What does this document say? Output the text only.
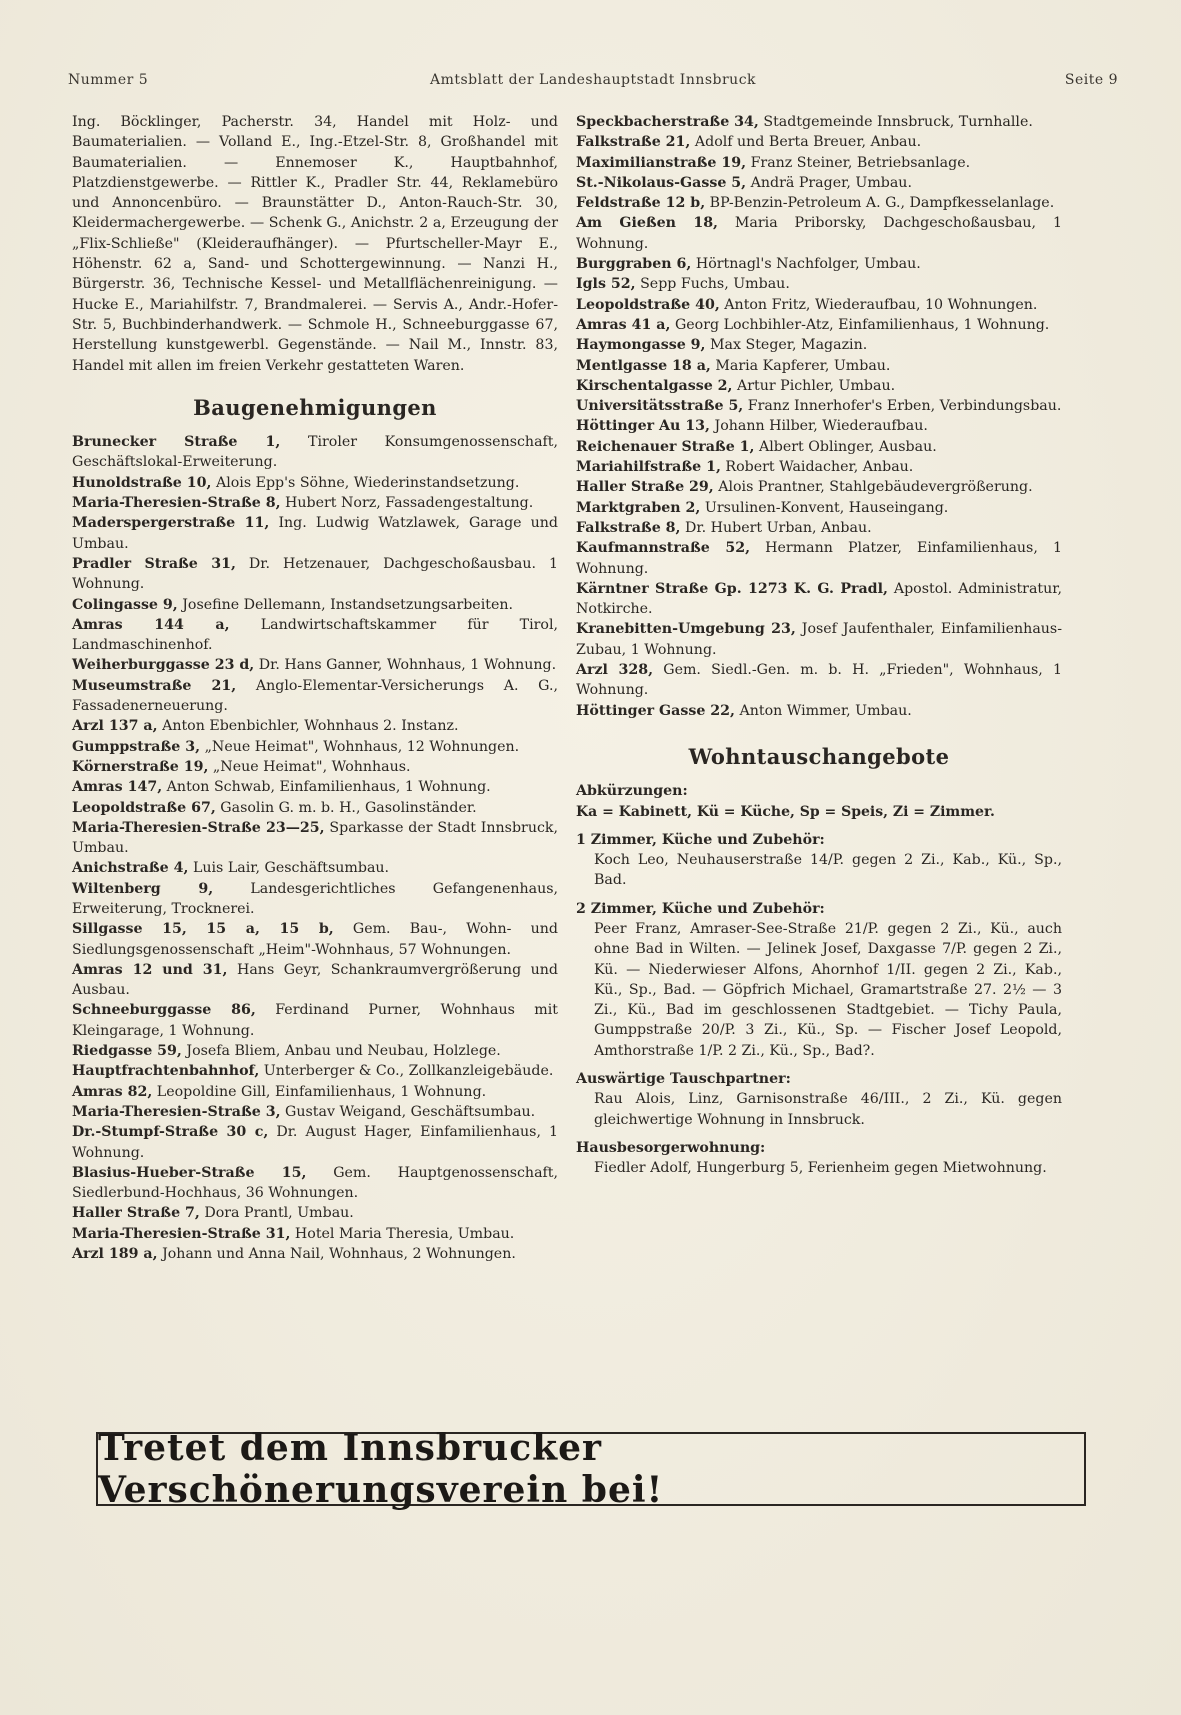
Nummer 5	Amtsblatt der Landeshauptstadt Innsbruck	Seite 9
Ing. Böcklinger, Pacherstr. 34, Handel mit Holz- und Baumaterialien. — Volland E., Ing.-Etzel-Str. 8, Großhandel mit Baumaterialien. — Ennemoser K., Hauptbahnhof, Platzdienstgewerbe. — Rittler K., Pradler Str. 44, Reklamebüro und Annoncenbüro. — Braunstätter D., Anton-Rauch-Str. 30, Kleidermachergewerbe. — Schenk G., Anichstr. 2 a, Erzeugung der „Flix-Schließe" (Kleideraufhänger). — Pfurtscheller-Mayr E., Höhenstr. 62 a, Sand- und Schottergewinnung. — Nanzi H., Bürgerstr. 36, Technische Kessel- und Metallflächenreinigung. — Hucke E., Mariahilfstr. 7, Brandmalerei. — Servis A., Andr.-Hofer-Str. 5, Buchbinderhandwerk. — Schmole H., Schneeburggasse 67, Herstellung kunstgewerbl. Gegenstände. — Nail M., Innstr. 83, Handel mit allen im freien Verkehr gestatteten Waren.
Baugenehmigungen
Brunecker Straße 1, Tiroler Konsumgenossenschaft, Geschäftslokal-Erweiterung.
Hunoldstraße 10, Alois Epp's Söhne, Wiederinstandsetzung.
Maria-Theresien-Straße 8, Hubert Norz, Fassadengestaltung.
Maderspergerstraße 11, Ing. Ludwig Watzlawek, Garage und Umbau.
Pradler Straße 31, Dr. Hetzenauer, Dachgeschoßausbau. 1 Wohnung.
Colingasse 9, Josefine Dellemann, Instandsetzungsarbeiten.
Amras 144 a, Landwirtschaftskammer für Tirol, Landmaschinenhof.
Weiherburggasse 23 d, Dr. Hans Ganner, Wohnhaus, 1 Wohnung.
Museumstraße 21, Anglo-Elementar-Versicherungs A. G., Fassadenerneuerung.
Arzl 137 a, Anton Ebenbichler, Wohnhaus 2. Instanz.
Gumppstraße 3, „Neue Heimat", Wohnhaus, 12 Wohnungen.
Körnerstraße 19, „Neue Heimat", Wohnhaus.
Amras 147, Anton Schwab, Einfamilienhaus, 1 Wohnung.
Leopoldstraße 67, Gasolin G. m. b. H., Gasolinständer.
Maria-Theresien-Straße 23—25, Sparkasse der Stadt Innsbruck, Umbau.
Anichstraße 4, Luis Lair, Geschäftsumbau.
Wiltenberg 9, Landesgerichtliches Gefangenenhaus, Erweiterung, Trocknerei.
Sillgasse 15, 15 a, 15 b, Gem. Bau-, Wohn- und Siedlungsgenossenschaft „Heim"-Wohnhaus, 57 Wohnungen.
Amras 12 und 31, Hans Geyr, Schankraumvergrößerung und Ausbau.
Schneeburggasse 86, Ferdinand Purner, Wohnhaus mit Kleingarage, 1 Wohnung.
Riedgasse 59, Josefa Bliem, Anbau und Neubau, Holzlege.
Hauptfrachtenbahnhof, Unterberger & Co., Zollkanzleigebäude.
Amras 82, Leopoldine Gill, Einfamilienhaus, 1 Wohnung.
Maria-Theresien-Straße 3, Gustav Weigand, Geschäftsumbau.
Dr.-Stumpf-Straße 30 c, Dr. August Hager, Einfamilienhaus, 1 Wohnung.
Blasius-Hueber-Straße 15, Gem. Hauptgenossenschaft, Siedlerbund-Hochhaus, 36 Wohnungen.
Haller Straße 7, Dora Prantl, Umbau.
Maria-Theresien-Straße 31, Hotel Maria Theresia, Umbau.
Arzl 189 a, Johann und Anna Nail, Wohnhaus, 2 Wohnungen.
Speckbacherstraße 34, Stadtgemeinde Innsbruck, Turnhalle.
Falkstraße 21, Adolf und Berta Breuer, Anbau.
Maximilianstraße 19, Franz Steiner, Betriebsanlage.
St.-Nikolaus-Gasse 5, Andrä Prager, Umbau.
Feldstraße 12 b, BP-Benzin-Petroleum A. G., Dampfkesselanlage.
Am Gießen 18, Maria Priborsky, Dachgeschoßausbau, 1 Wohnung.
Burggraben 6, Hörtnagl's Nachfolger, Umbau.
Igls 52, Sepp Fuchs, Umbau.
Leopoldstraße 40, Anton Fritz, Wiederaufbau, 10 Wohnungen.
Amras 41 a, Georg Lochbihler-Atz, Einfamilienhaus, 1 Wohnung.
Haymongasse 9, Max Steger, Magazin.
Mentlgasse 18 a, Maria Kapferer, Umbau.
Kirschentalgasse 2, Artur Pichler, Umbau.
Universitätsstraße 5, Franz Innerhofer's Erben, Verbindungsbau.
Höttinger Au 13, Johann Hilber, Wiederaufbau.
Reichenauer Straße 1, Albert Oblinger, Ausbau.
Mariahilfstraße 1, Robert Waidacher, Anbau.
Haller Straße 29, Alois Prantner, Stahlgebäudevergrößerung.
Marktgraben 2, Ursulinen-Konvent, Hauseingang.
Falkstraße 8, Dr. Hubert Urban, Anbau.
Kaufmannstraße 52, Hermann Platzer, Einfamilienhaus, 1 Wohnung.
Kärntner Straße Gp. 1273 K. G. Pradl, Apostol. Administratur, Notkirche.
Kranebitten-Umgebung 23, Josef Jaufenthaler, Einfamilienhaus-Zubau, 1 Wohnung.
Arzl 328, Gem. Siedl.-Gen. m. b. H. „Frieden", Wohnhaus, 1 Wohnung.
Höttinger Gasse 22, Anton Wimmer, Umbau.
Wohntauschangebote
Abkürzungen:
Ka = Kabinett, Kü = Küche, Sp = Speis, Zi = Zimmer.
1 Zimmer, Küche und Zubehör:
Koch Leo, Neuhauserstraße 14/P. gegen 2 Zi., Kab., Kü., Sp., Bad.
2 Zimmer, Küche und Zubehör:
Peer Franz, Amraser-See-Straße 21/P. gegen 2 Zi., Kü., auch ohne Bad in Wilten. — Jelinek Josef, Daxgasse 7/P. gegen 2 Zi., Kü. — Niederwieser Alfons, Ahornhof 1/II. gegen 2 Zi., Kab., Kü., Sp., Bad. — Göpfrich Michael, Gramartstraße 27. 2½ — 3 Zi., Kü., Bad im geschlossenen Stadtgebiet. — Tichy Paula, Gumppstraße 20/P. 3 Zi., Kü., Sp. — Fischer Josef Leopold, Amthorstraße 1/P. 2 Zi., Kü., Sp., Bad?.
Auswärtige Tauschpartner:
Rau Alois, Linz, Garnisonstraße 46/III., 2 Zi., Kü. gegen gleichwertige Wohnung in Innsbruck.
Hausbesorgerwohnung:
Fiedler Adolf, Hungerburg 5, Ferienheim gegen Mietwohnung.
Tretet dem Innsbrucker Verschönerungsverein bei!
